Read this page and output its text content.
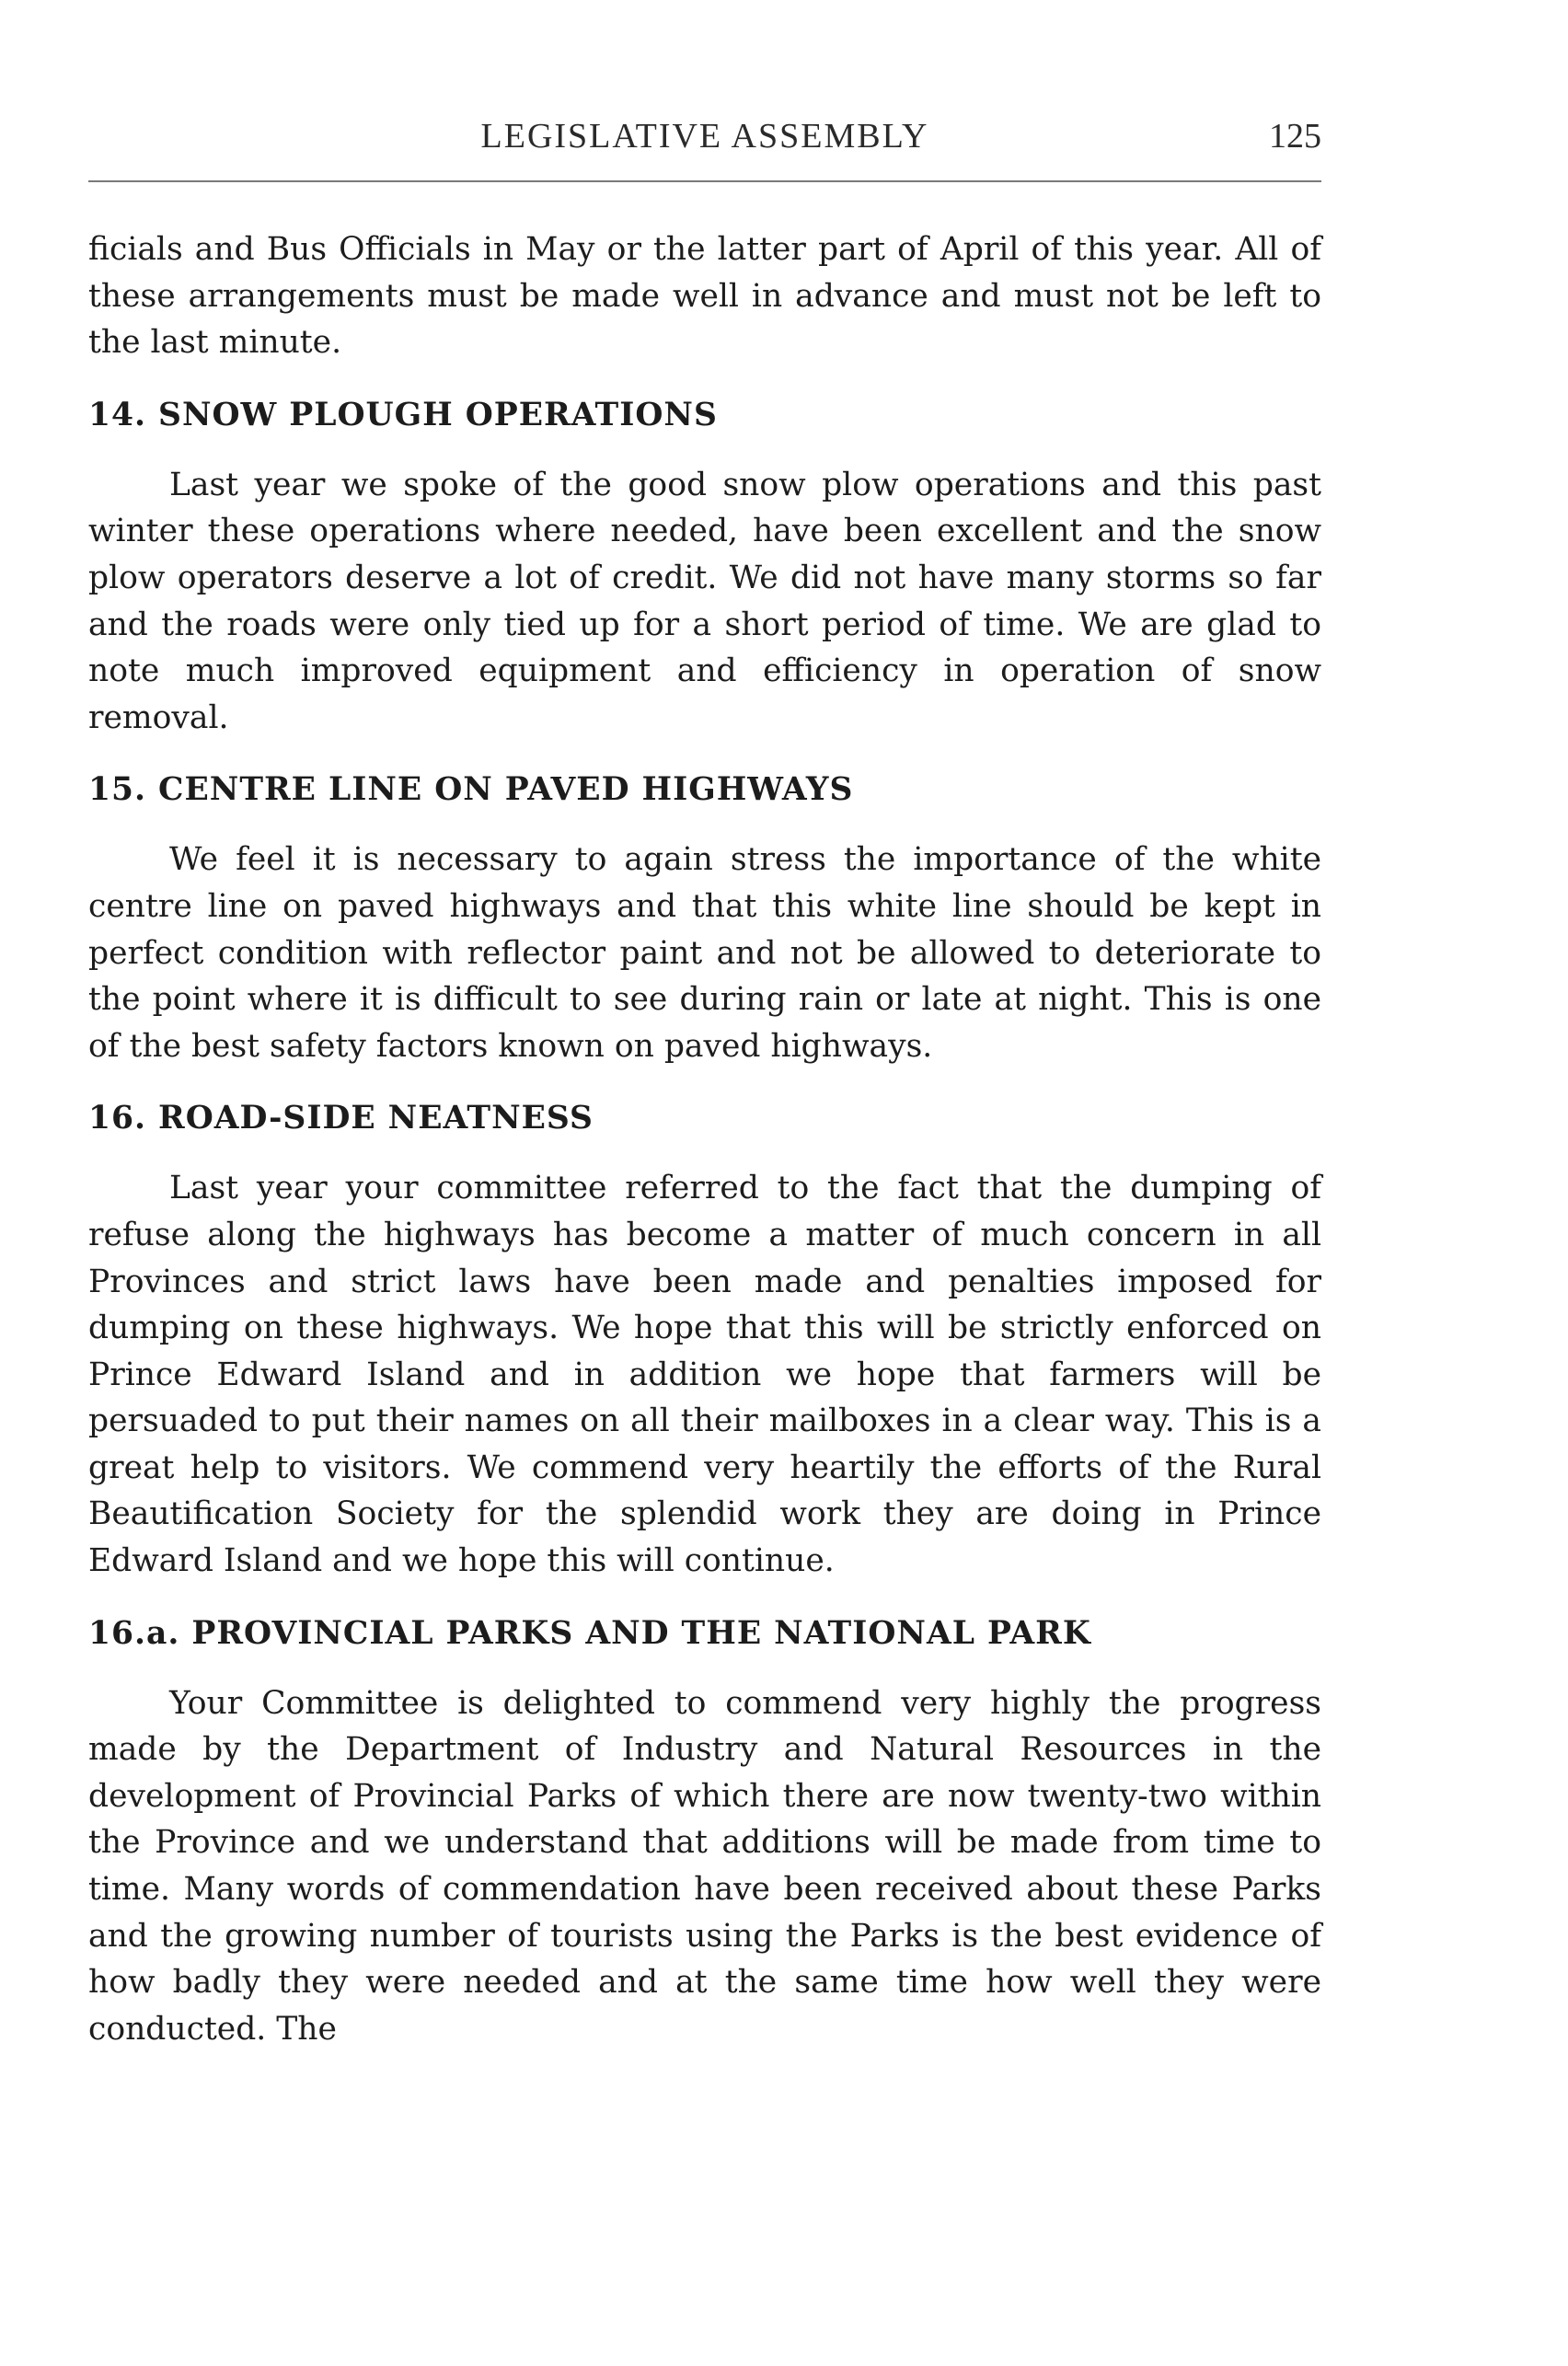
LEGISLATIVE ASSEMBLY	125

ficials and Bus Officials in May or the latter part of April of this year. All of these arrangements must be made well in advance and must not be left to the last minute.

14. SNOW PLOUGH OPERATIONS

Last year we spoke of the good snow plow operations and this past winter these operations where needed, have been excellent and the snow plow operators deserve a lot of credit. We did not have many storms so far and the roads were only tied up for a short period of time. We are glad to note much improved equipment and efficiency in operation of snow removal.

15. CENTRE LINE ON PAVED HIGHWAYS

We feel it is necessary to again stress the importance of the white centre line on paved highways and that this white line should be kept in perfect condition with reflector paint and not be allowed to deteriorate to the point where it is difficult to see during rain or late at night. This is one of the best safety factors known on paved highways.

16. ROAD-SIDE NEATNESS

Last year your committee referred to the fact that the dumping of refuse along the highways has become a matter of much concern in all Provinces and strict laws have been made and penalties imposed for dumping on these highways. We hope that this will be strictly enforced on Prince Edward Island and in addition we hope that farmers will be persuaded to put their names on all their mailboxes in a clear way. This is a great help to visitors. We commend very heartily the efforts of the Rural Beautification Society for the splendid work they are doing in Prince Edward Island and we hope this will continue.

16.a. PROVINCIAL PARKS AND THE NATIONAL PARK

Your Committee is delighted to commend very highly the progress made by the Department of Industry and Natural Resources in the development of Provincial Parks of which there are now twenty-two within the Province and we understand that additions will be made from time to time. Many words of commendation have been received about these Parks and the growing number of tourists using the Parks is the best evidence of how badly they were needed and at the same time how well they were conducted. The
